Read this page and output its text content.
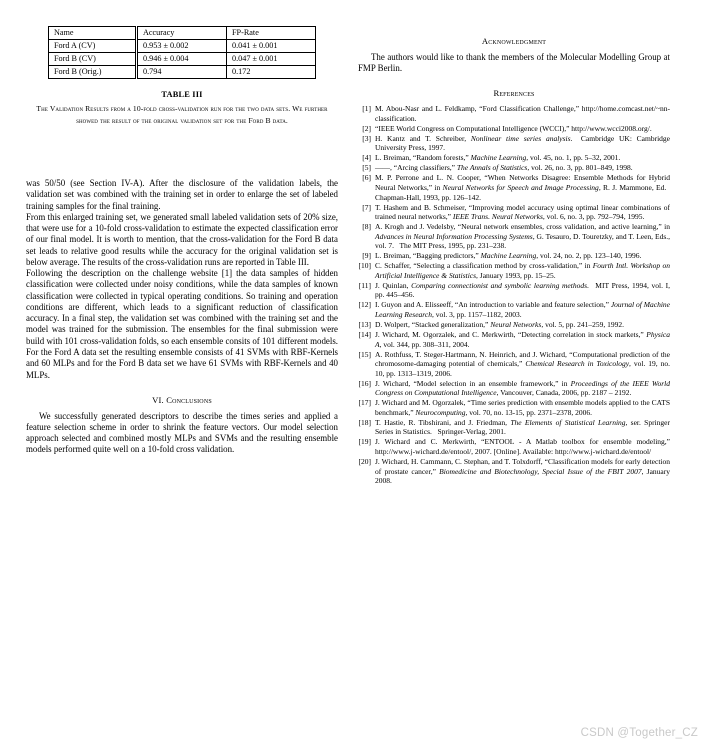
Name	Accuracy	FP-Rate
Ford A (CV)	0.953 ± 0.002	0.041 ± 0.001
Ford B (CV)	0.946 ± 0.004	0.047 ± 0.001
Ford B (Orig.)	0.794	0.172
TABLE III
The Validation Results from a 10-fold cross-validation run for the two data sets. We further showed the result of the original validation set for the Ford B data.

was 50/50 (see Section IV-A). After the disclosure of the validation labels, the validation set was combined with the training set in order to enlarge the set of labeled training samples for the final training.

From this enlarged training set, we generated small labeled validation sets of 20% size, that were use for a 10-fold cross-validation to estimate the expected classification error of our final model. It is worth to mention, that the cross-validation for the Ford B data set leads to relative good results while the accuracy for the original validation set is below average. The results of the cross-validation runs are reported in Table III.

Following the description on the challenge website [1] the data samples of hidden classification were collected under noisy conditions, while the data samples of known classification were collected in typical operating conditions. So training and operation conditions are different, which leads to a significant reduction of classification accuracy. In a final step, the validation set was combined with the training set and the model was trained for the submission. The ensembles for the final submission were build with 101 cross-validation folds, so each ensemble consits of 101 different models. For the Ford A data set the resulting ensemble consists of 41 SVMs with RBF-Kernels and 60 MLPs and for the Ford B data set we have 61 SVMs with RBF-Kernels and 40 MLPs.

VI. Conclusions

We successfully generated descriptors to describe the times series and applied a feature selection scheme in order to shrink the feature vectors. Our model selection approach selected and combined mostly MLPs and SVMs and the resulting ensemble models performed quite well on a 10-fold cross validation.

Acknowledgment

The authors would like to thank the members of the Molecular Modelling Group at FMP Berlin.

References
[1] M. Abou-Nasr and L. Feldkamp, “Ford Classification Challenge,” http://home.comcast.net/~nn-classification.
[2] “IEEE World Congress on Computational Intelligence (WCCI),” http://www.wcci2008.org/.
[3] H. Kantz and T. Schreiber, Nonlinear time series analysis.  Cambridge UK: Cambridge University Press, 1997.
[4] L. Breiman, “Random forests,” Machine Learning, vol. 45, no. 1, pp. 5–32, 2001.
[5] ——, “Arcing classifiers,” The Annals of Statistics, vol. 26, no. 3, pp. 801–849, 1998.
[6] M. P. Perrone and L. N. Cooper, “When Networks Disagree: Ensemble Methods for Hybrid Neural Networks,” in Neural Networks for Speech and Image Processing, R. J. Mammone, Ed.  Chapman-Hall, 1993, pp. 126–142.
[7] T. Hashem and B. Schmeiser, “Improving model accuracy using optimal linear combinations of trained neural networks,” IEEE Trans. Neural Networks, vol. 6, no. 3, pp. 792–794, 1995.
[8] A. Krogh and J. Vedelsby, “Neural network ensembles, cross validation, and active learning,” in Advances in Neural Information Processing Systems, G. Tesauro, D. Touretzky, and T. Leen, Eds., vol. 7.  The MIT Press, 1995, pp. 231–238.
[9] L. Breiman, “Bagging predictors,” Machine Learning, vol. 24, no. 2, pp. 123–140, 1996.
[10] C. Schaffer, “Selecting a classification method by cross-validation,” in Fourth Intl. Workshop on Artificial Intelligence & Statistics, January 1993, pp. 15–25.
[11] J. Quinlan, Comparing connectionist and symbolic learning methods.  MIT Press, 1994, vol. I, pp. 445–456.
[12] I. Guyon and A. Elisseeff, “An introduction to variable and feature selection,” Journal of Machine Learning Research, vol. 3, pp. 1157–1182, 2003.
[13] D. Wolpert, “Stacked generalization,” Neural Networks, vol. 5, pp. 241–259, 1992.
[14] J. Wichard, M. Ogorzalek, and C. Merkwirth, “Detecting correlation in stock markets,” Physica A, vol. 344, pp. 308–311, 2004.
[15] A. Rothfuss, T. Steger-Hartmann, N. Heinrich, and J. Wichard, “Computational prediction of the chromosome-damaging potential of chemicals,” Chemical Research in Toxicology, vol. 19, no. 10, pp. 1313–1319, 2006.
[16] J. Wichard, “Model selection in an ensemble framework,” in Proceedings of the IEEE World Congress on Computational Intelligence, Vancouver, Canada, 2006, pp. 2187 – 2192.
[17] J. Wichard and M. Ogorzalek, “Time series prediction with ensemble models applied to the CATS benchmark,” Neurocomputing, vol. 70, no. 13-15, pp. 2371–2378, 2006.
[18] T. Hastie, R. Tibshirani, and J. Friedman, The Elements of Statistical Learning, ser. Springer Series in Statistics.  Springer-Verlag, 2001.
[19] J. Wichard and C. Merkwirth, “ENTOOL - A Matlab toolbox for ensemble modeling,” http://www.j-wichard.de/entool/, 2007. [Online]. Available: http://www.j-wichard.de/entool/
[20] J. Wichard, H. Cammann, C. Stephan, and T. Tolxdorff, “Classification models for early detection of prostate cancer,” Biomedicine and Biotechnology, Special Issue of the FBIT 2007, January 2008.
CSDN @Together_CZ
